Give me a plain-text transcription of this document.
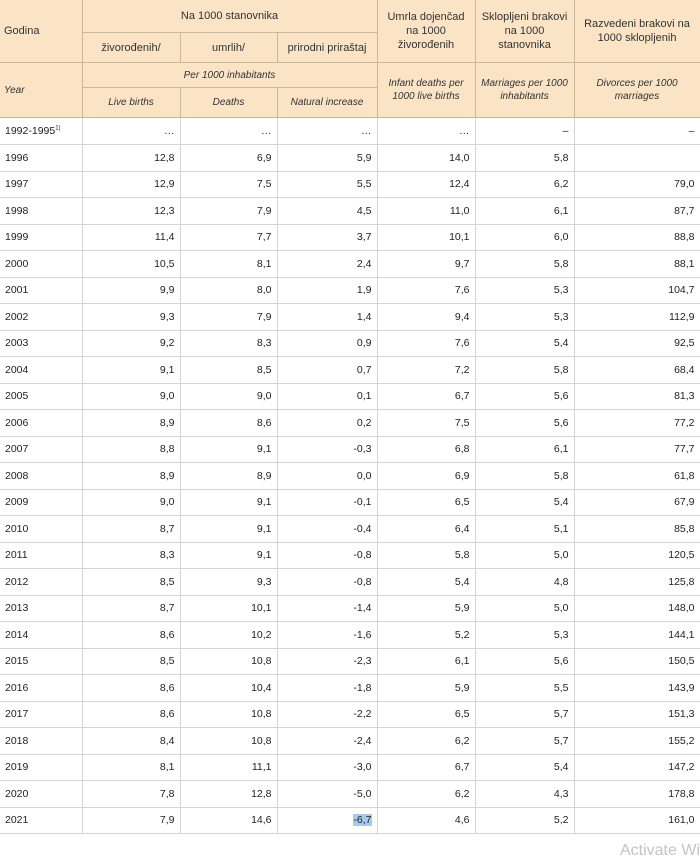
Godina	Na 1000 stanovnika			Umrla dojenčad na 1000 živorođenih	Sklopljeni brakovi na 1000 stanovnika	Razvedeni brakovi na 1000 sklopljenih
	živorođenih/	umrlih/	prirodni priraštaj			
Year	Per 1000 inhabitants			Infant deaths per 1000 live births	Marriages per 1000 inhabitants	Divorces per 1000 marriages
	Live births	Deaths	Natural increase			
1992-1995$^{1)}$	…	…	…	…	–	–
1996	12,8	6,9	5,9	14,0	5,8	
1997	12,9	7,5	5,5	12,4	6,2	79,0
1998	12,3	7,9	4,5	11,0	6,1	87,7
1999	11,4	7,7	3,7	10,1	6,0	88,8
2000	10,5	8,1	2,4	9,7	5,8	88,1
2001	9,9	8,0	1,9	7,6	5,3	104,7
2002	9,3	7,9	1,4	9,4	5,3	112,9
2003	9,2	8,3	0,9	7,6	5,4	92,5
2004	9,1	8,5	0,7	7,2	5,8	68,4
2005	9,0	9,0	0,1	6,7	5,6	81,3
2006	8,9	8,6	0,2	7,5	5,6	77,2
2007	8,8	9,1	-0,3	6,8	6,1	77,7
2008	8,9	8,9	0,0	6,9	5,8	61,8
2009	9,0	9,1	-0,1	6,5	5,4	67,9
2010	8,7	9,1	-0,4	6,4	5,1	85,8
2011	8,3	9,1	-0,8	5,8	5,0	120,5
2012	8,5	9,3	-0,8	5,4	4,8	125,8
2013	8,7	10,1	-1,4	5,9	5,0	148,0
2014	8,6	10,2	-1,6	5,2	5,3	144,1
2015	8,5	10,8	-2,3	6,1	5,6	150,5
2016	8,6	10,4	-1,8	5,9	5,5	143,9
2017	8,6	10,8	-2,2	6,5	5,7	151,3
2018	8,4	10,8	-2,4	6,2	5,7	155,2
2019	8,1	11,1	-3,0	6,7	5,4	147,2
2020	7,8	12,8	-5,0	6,2	4,3	178,8
2021	7,9	14,6	-6,7	4,6	5,2	161,0
Activate Wi
